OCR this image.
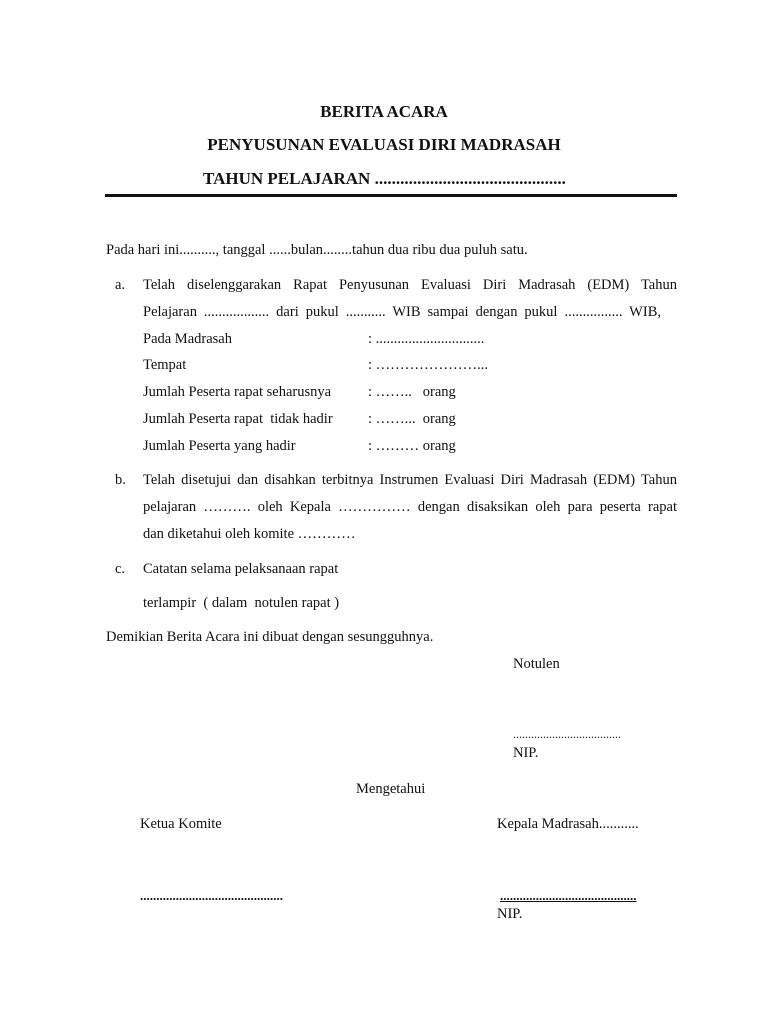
BERITA ACARA
PENYUSUNAN EVALUASI DIRI MADRASAH
TAHUN PELAJARAN .............................................
Pada hari ini.........., tanggal ......bulan........tahun dua ribu dua puluh satu.
a. Telah diselenggarakan Rapat Penyusunan Evaluasi Diri Madrasah (EDM) Tahun
Pelajaran .................. dari pukul ........... WIB sampai dengan pukul ................ WIB,
Pada Madrasah	: ..............................
Tempat	: …………………...
Jumlah Peserta rapat seharusnya	: ……..   orang
Jumlah Peserta rapat  tidak hadir : ……...  orang
Jumlah Peserta yang hadir	: ……… orang
b. Telah disetujui dan disahkan terbitnya Instrumen Evaluasi Diri Madrasah (EDM) Tahun
pelajaran ………. oleh Kepala …………… dengan disaksikan oleh para peserta rapat
dan diketahui oleh komite …………
c. Catatan selama pelaksanaan rapat
terlampir  ( dalam  notulen rapat )
Demikian Berita Acara ini dibuat dengan sesungguhnya.
Notulen
....................................
NIP.
Mengetahui
Ketua Komite
............................................
Kepala Madrasah...........
..........................................
NIP.
